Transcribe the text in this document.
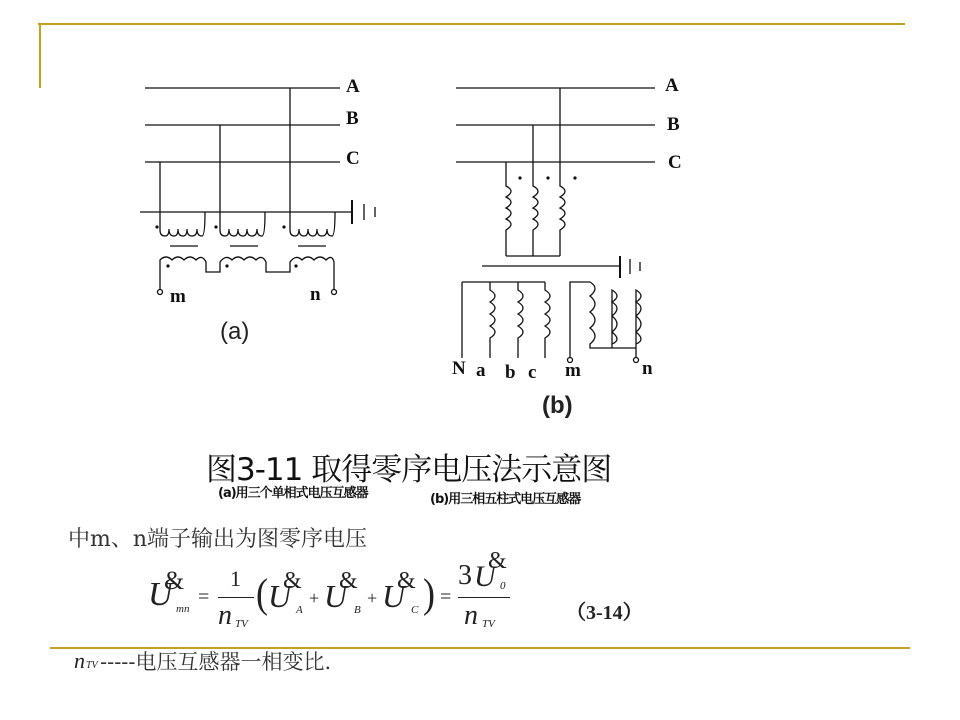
A
B
C
m	n
(a)
A
B
C
N a b c m	n
(b)
图3-11 取得零序电压法示意图
(a)用三个单相式电压互感器	(b)用三相五柱式电压互感器
中m、n端子输出为图零序电压
U
&
mn
=
1
n TV
( U
&
A
+ U
&
B
+ U
&
C ) =
3 U
&
0
n TV	（3-14）
n TV -----电压互感器一相变比.
